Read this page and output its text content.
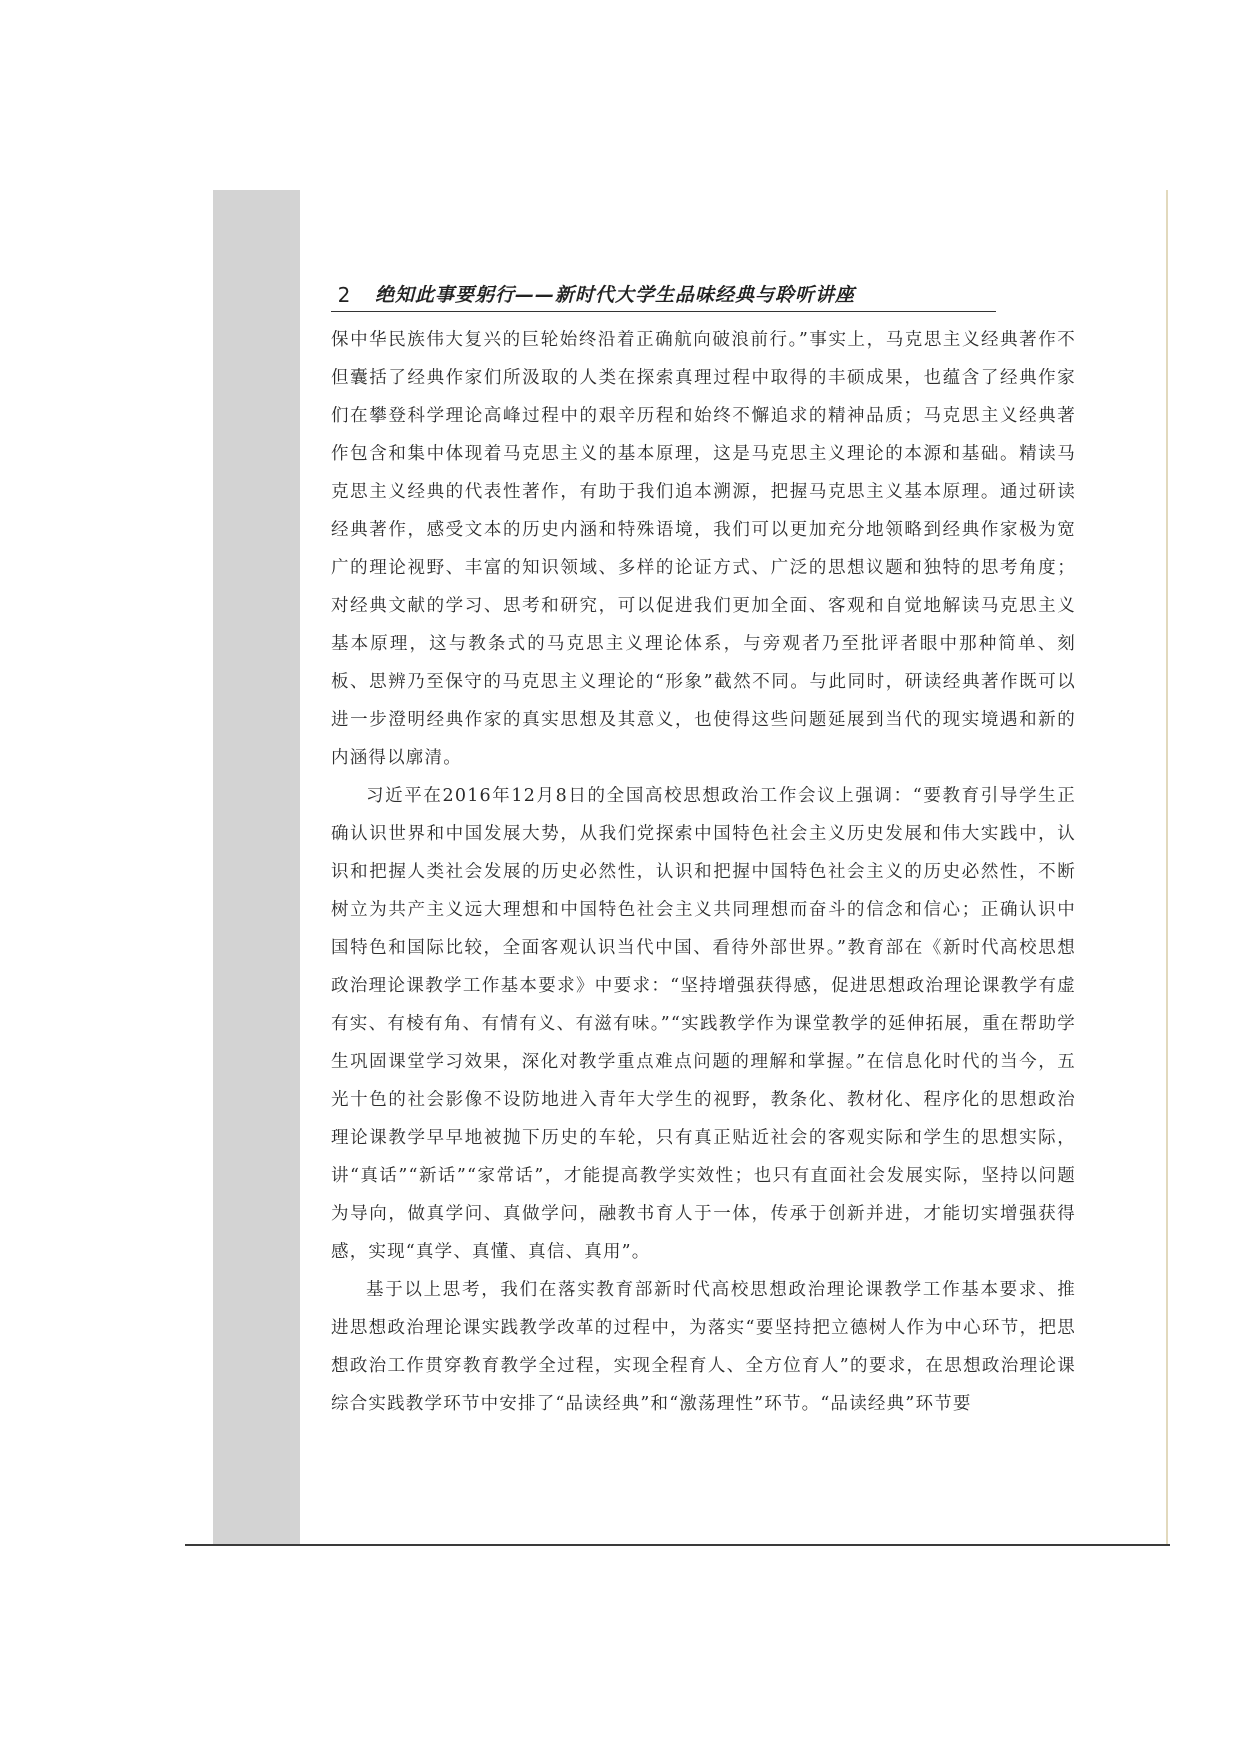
2	绝知此事要躬行——新时代大学生品味经典与聆听讲座

保中华民族伟大复兴的巨轮始终沿着正确航向破浪前行。”事实上，马克思主义经典著作不但囊括了经典作家们所汲取的人类在探索真理过程中取得的丰硕成果，也蕴含了经典作家们在攀登科学理论高峰过程中的艰辛历程和始终不懈追求的精神品质；马克思主义经典著作包含和集中体现着马克思主义的基本原理，这是马克思主义理论的本源和基础。精读马克思主义经典的代表性著作，有助于我们追本溯源，把握马克思主义基本原理。通过研读经典著作，感受文本的历史内涵和特殊语境，我们可以更加充分地领略到经典作家极为宽广的理论视野、丰富的知识领域、多样的论证方式、广泛的思想议题和独特的思考角度；对经典文献的学习、思考和研究，可以促进我们更加全面、客观和自觉地解读马克思主义基本原理，这与教条式的马克思主义理论体系，与旁观者乃至批评者眼中那种简单、刻板、思辨乃至保守的马克思主义理论的“形象”截然不同。与此同时，研读经典著作既可以进一步澄明经典作家的真实思想及其意义，也使得这些问题延展到当代的现实境遇和新的内涵得以廓清。

习近平在2016年12月8日的全国高校思想政治工作会议上强调：“要教育引导学生正确认识世界和中国发展大势，从我们党探索中国特色社会主义历史发展和伟大实践中，认识和把握人类社会发展的历史必然性，认识和把握中国特色社会主义的历史必然性，不断树立为共产主义远大理想和中国特色社会主义共同理想而奋斗的信念和信心；正确认识中国特色和国际比较，全面客观认识当代中国、看待外部世界。”教育部在《新时代高校思想政治理论课教学工作基本要求》中要求：“坚持增强获得感，促进思想政治理论课教学有虚有实、有棱有角、有情有义、有滋有味。”“实践教学作为课堂教学的延伸拓展，重在帮助学生巩固课堂学习效果，深化对教学重点难点问题的理解和掌握。”在信息化时代的当今，五光十色的社会影像不设防地进入青年大学生的视野，教条化、教材化、程序化的思想政治理论课教学早早地被抛下历史的车轮，只有真正贴近社会的客观实际和学生的思想实际，讲“真话”“新话”“家常话”，才能提高教学实效性；也只有直面社会发展实际，坚持以问题为导向，做真学问、真做学问，融教书育人于一体，传承于创新并进，才能切实增强获得感，实现“真学、真懂、真信、真用”。

基于以上思考，我们在落实教育部新时代高校思想政治理论课教学工作基本要求、推进思想政治理论课实践教学改革的过程中，为落实“要坚持把立德树人作为中心环节，把思想政治工作贯穿教育教学全过程，实现全程育人、全方位育人”的要求，在思想政治理论课综合实践教学环节中安排了“品读经典”和“激荡理性”环节。“品读经典”环节要
